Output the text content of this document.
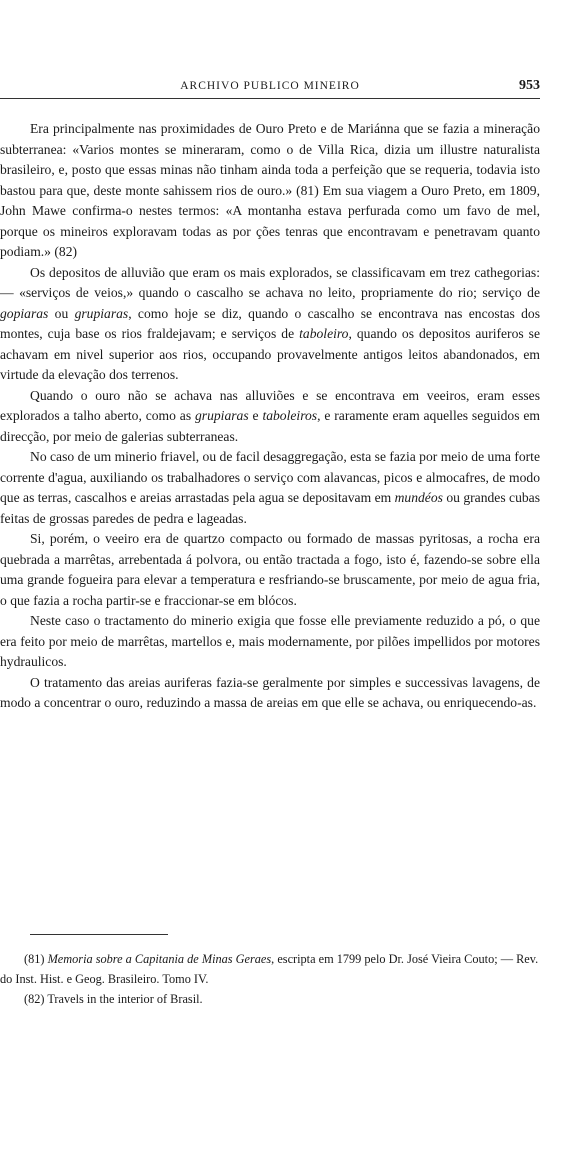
ARCHIVO PUBLICO MINEIRO	953

Era principalmente nas proximidades de Ouro Preto e de Mariánna que se fazia a mineração subterranea: «Varios montes se mineraram, como o de Villa Rica, dizia um illustre naturalista brasileiro, e, posto que essas minas não tinham ainda toda a perfeição que se requeria, todavia isto bastou para que, deste monte sahissem rios de ouro.» (81) Em sua viagem a Ouro Preto, em 1809, John Mawe confirma-o nestes termos: «A montanha estava perfurada como um favo de mel, porque os mineiros exploravam todas as por ções tenras que encontravam e penetravam quanto podiam.» (82)

Os depositos de alluvião que eram os mais explorados, se classificavam em trez cathegorias: — «serviços de veios,» quando o cascalho se achava no leito, propriamente do rio; serviço de gopiaras ou grupiaras, como hoje se diz, quando o cascalho se encontrava nas encostas dos montes, cuja base os rios fraldejavam; e serviços de taboleiro, quando os depositos auriferos se achavam em nivel superior aos rios, occupando provavelmente antigos leitos abandonados, em virtude da elevação dos terrenos.

Quando o ouro não se achava nas alluviões e se encontrava em veeiros, eram esses explorados a talho aberto, como as grupiaras e taboleiros, e raramente eram aquelles seguidos em direcção, por meio de galerias subterraneas.

No caso de um minerio friavel, ou de facil desaggregação, esta se fazia por meio de uma forte corrente d'agua, auxiliando os trabalhadores o serviço com alavancas, picos e almocafres, de modo que as terras, cascalhos e areias arrastadas pela agua se depositavam em mundéos ou grandes cubas feitas de grossas paredes de pedra e lageadas.

Si, porém, o veeiro era de quartzo compacto ou formado de massas pyritosas, a rocha era quebrada a marrêtas, arrebentada á polvora, ou então tractada a fogo, isto é, fazendo-se sobre ella uma grande fogueira para elevar a temperatura e resfriando-se bruscamente, por meio de agua fria, o que fazia a rocha partir-se e fraccionar-se em blócos.

Neste caso o tractamento do minerio exigia que fosse elle previamente reduzido a pó, o que era feito por meio de marrêtas, martellos e, mais modernamente, por pilões impellidos por motores hydraulicos.

O tratamento das areias auriferas fazia-se geralmente por simples e successivas lavagens, de modo a concentrar o ouro, reduzindo a massa de areias em que elle se achava, ou enriquecendo-as.

(81) Memoria sobre a Capitania de Minas Geraes, escripta em 1799 pelo Dr. José Vieira Couto; — Rev. do Inst. Hist. e Geog. Brasileiro. Tomo IV.

(82) Travels in the interior of Brasil.
